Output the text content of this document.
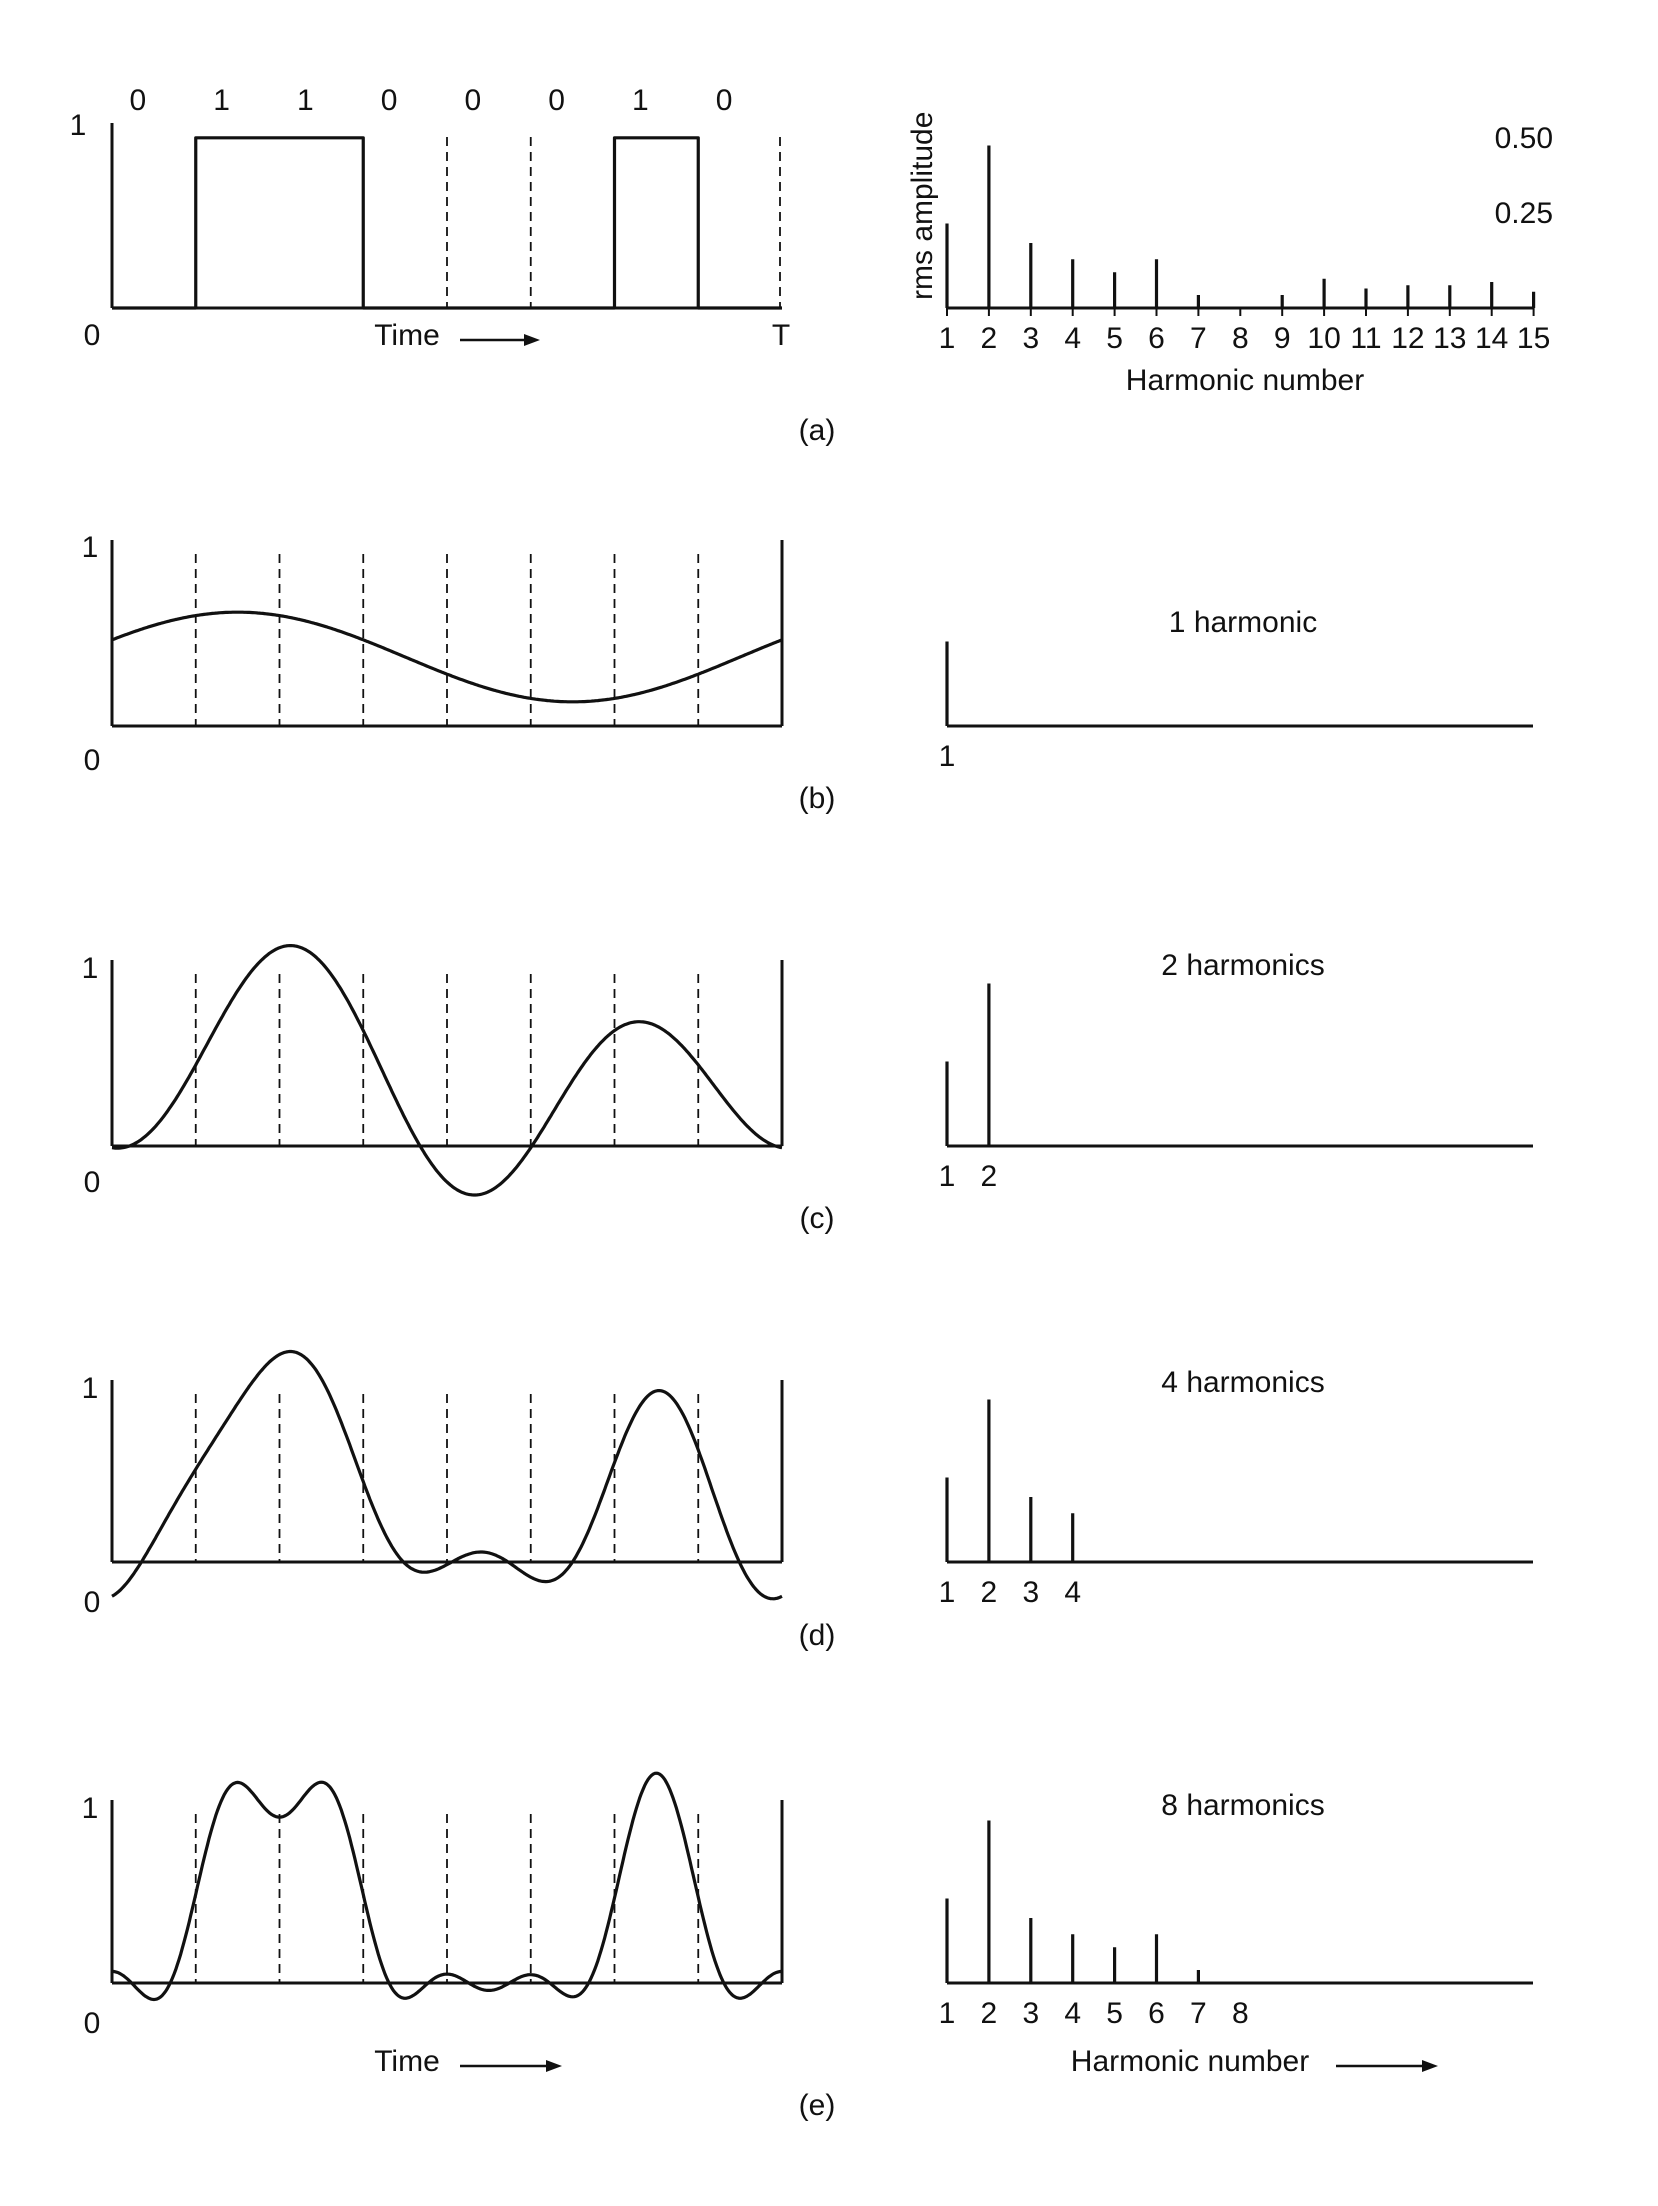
1
0	T
Time
rms amplitude	0.50
0.25
Harmonic number
(a)
0 1 1 0 0 0 1 0
1
0
1 harmonic
(b)
1
0
2 harmonics
(c)
1
0
4 harmonics
(d)
1
0
8 harmonics
Time	Harmonic number
(e)
1 2 3 4 5 6 7 8 9 10 11 12 13 14 15
1
1 2
1 2 3 4
1 2 3 4 5 6 7 8
